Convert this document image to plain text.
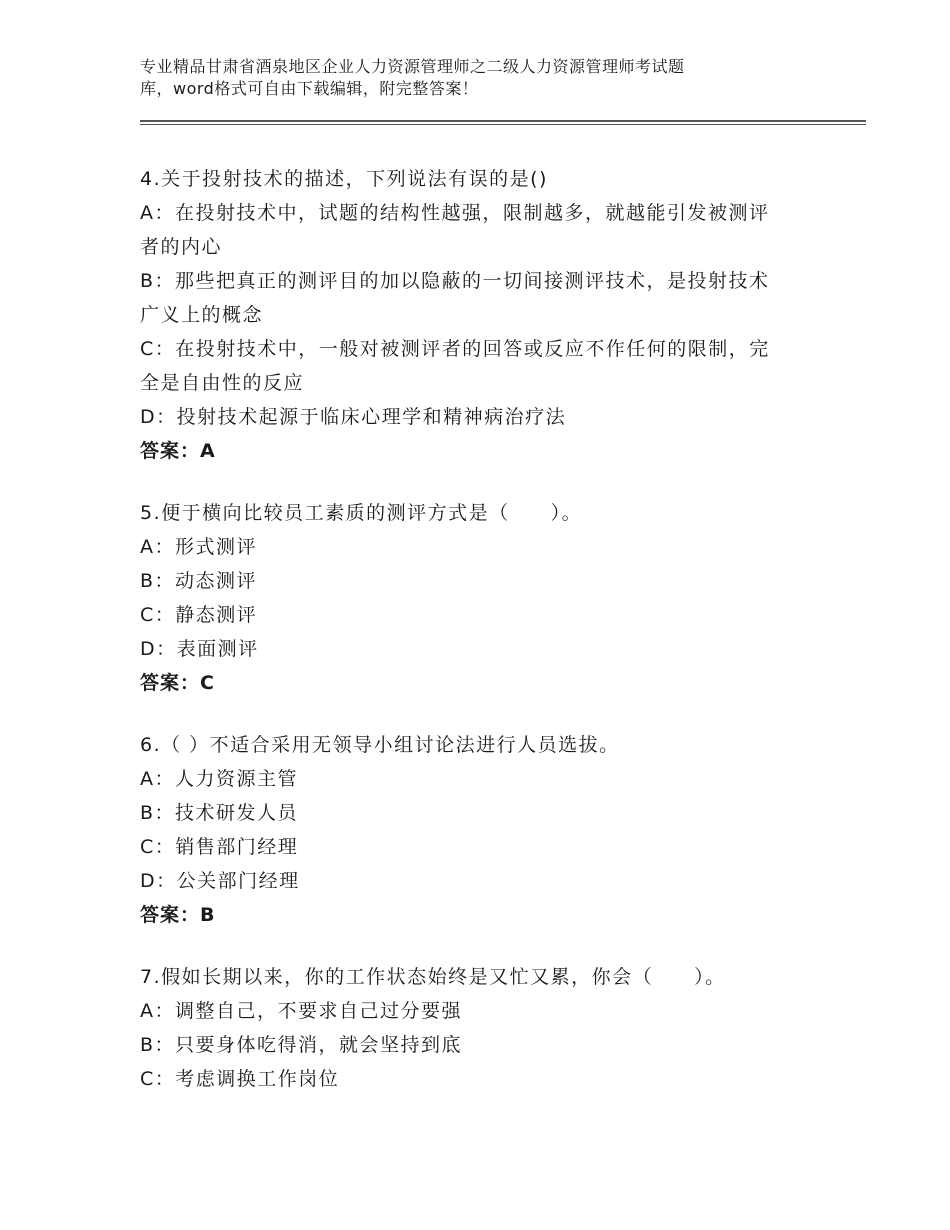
专业精品甘肃省酒泉地区企业人力资源管理师之二级人力资源管理师考试题
库，word格式可自由下载编辑，附完整答案！
4.关于投射技术的描述，下列说法有误的是()
A：在投射技术中，试题的结构性越强，限制越多，就越能引发被测评
者的内心
B：那些把真正的测评目的加以隐蔽的一切间接测评技术，是投射技术
广义上的概念
C：在投射技术中，一般对被测评者的回答或反应不作任何的限制，完
全是自由性的反应
D：投射技术起源于临床心理学和精神病治疗法
答案：A
5.便于横向比较员工素质的测评方式是（　　）。
A：形式测评
B：动态测评
C：静态测评
D：表面测评
答案：C
6.（ ）不适合采用无领导小组讨论法进行人员选拔。
A：人力资源主管
B：技术研发人员
C：销售部门经理
D：公关部门经理
答案：B
7.假如长期以来，你的工作状态始终是又忙又累，你会（　　）。
A：调整自己，不要求自己过分要强
B：只要身体吃得消，就会坚持到底
C：考虑调换工作岗位
